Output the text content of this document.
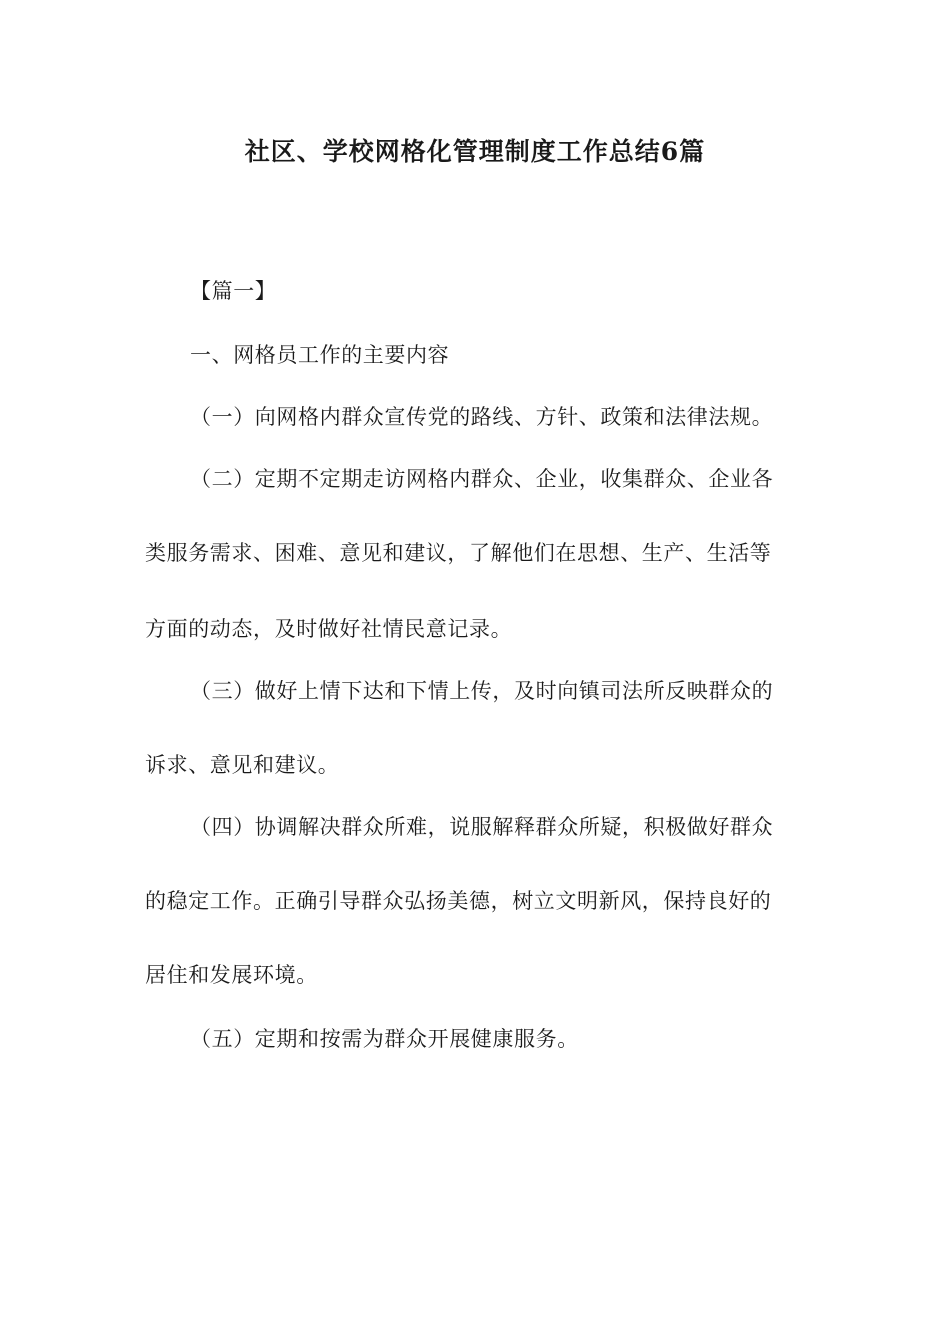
社区、学校网格化管理制度工作总结6篇
【篇一】
一、网格员工作的主要内容
（一）向网格内群众宣传党的路线、方针、政策和法律法规。
（二）定期不定期走访网格内群众、企业，收集群众、企业各
类服务需求、困难、意见和建议，了解他们在思想、生产、生活等
方面的动态，及时做好社情民意记录。
（三）做好上情下达和下情上传，及时向镇司法所反映群众的
诉求、意见和建议。
（四）协调解决群众所难，说服解释群众所疑，积极做好群众
的稳定工作。正确引导群众弘扬美德，树立文明新风，保持良好的
居住和发展环境。
（五）定期和按需为群众开展健康服务。
